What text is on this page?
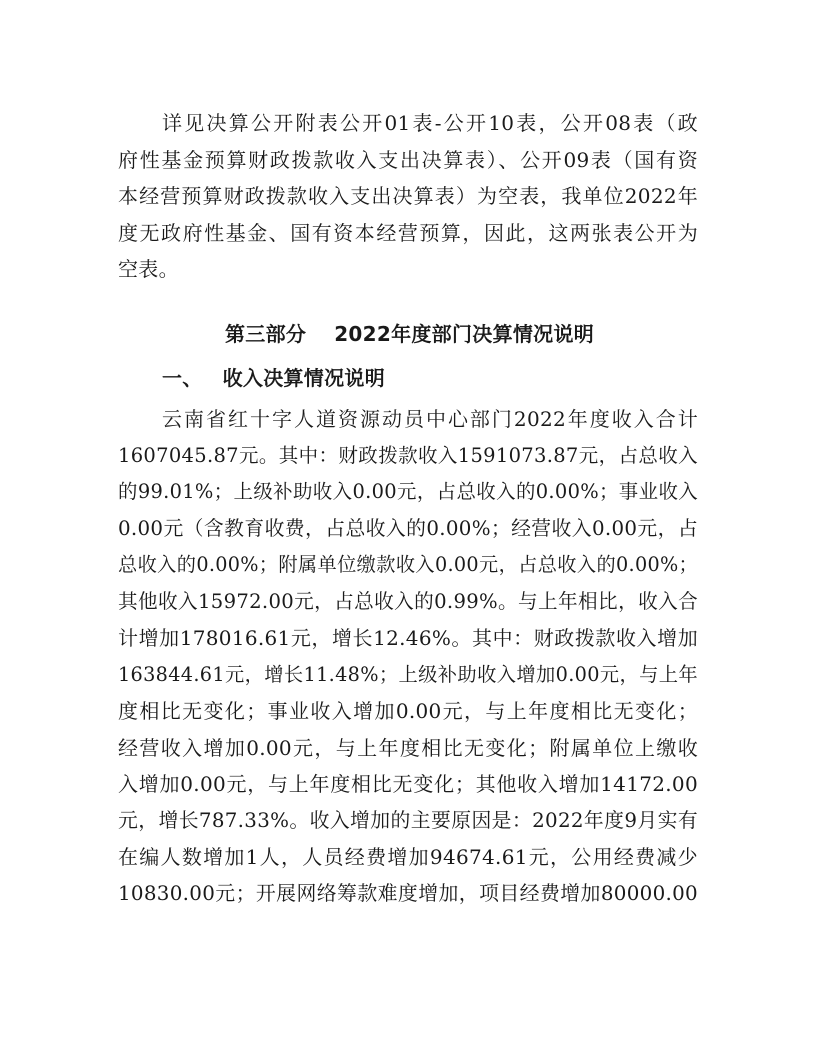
详见决算公开附表公开01表-公开10表，公开08表（政
府性基金预算财政拨款收入支出决算表）、公开09表（国有资
本经营预算财政拨款收入支出决算表）为空表，我单位2022年
度无政府性基金、国有资本经营预算，因此，这两张表公开为
空表。
第三部分 2022年度部门决算情况说明
一、 收入决算情况说明
云南省红十字人道资源动员中心部门2022年度收入合计
1607045.87元。其中：财政拨款收入1591073.87元，占总收入
的99.01%；上级补助收入0.00元，占总收入的0.00%；事业收入
0.00元（含教育收费，占总收入的0.00%；经营收入0.00元，占
总收入的0.00%；附属单位缴款收入0.00元，占总收入的0.00%；
其他收入15972.00元，占总收入的0.99%。与上年相比，收入合
计增加178016.61元，增长12.46%。其中：财政拨款收入增加
163844.61元，增长11.48%；上级补助收入增加0.00元，与上年
度相比无变化；事业收入增加0.00元，与上年度相比无变化；
经营收入增加0.00元，与上年度相比无变化；附属单位上缴收
入增加0.00元，与上年度相比无变化；其他收入增加14172.00
元，增长787.33%。收入增加的主要原因是：2022年度9月实有
在编人数增加1人，人员经费增加94674.61元，公用经费减少
10830.00元；开展网络筹款难度增加，项目经费增加80000.00
